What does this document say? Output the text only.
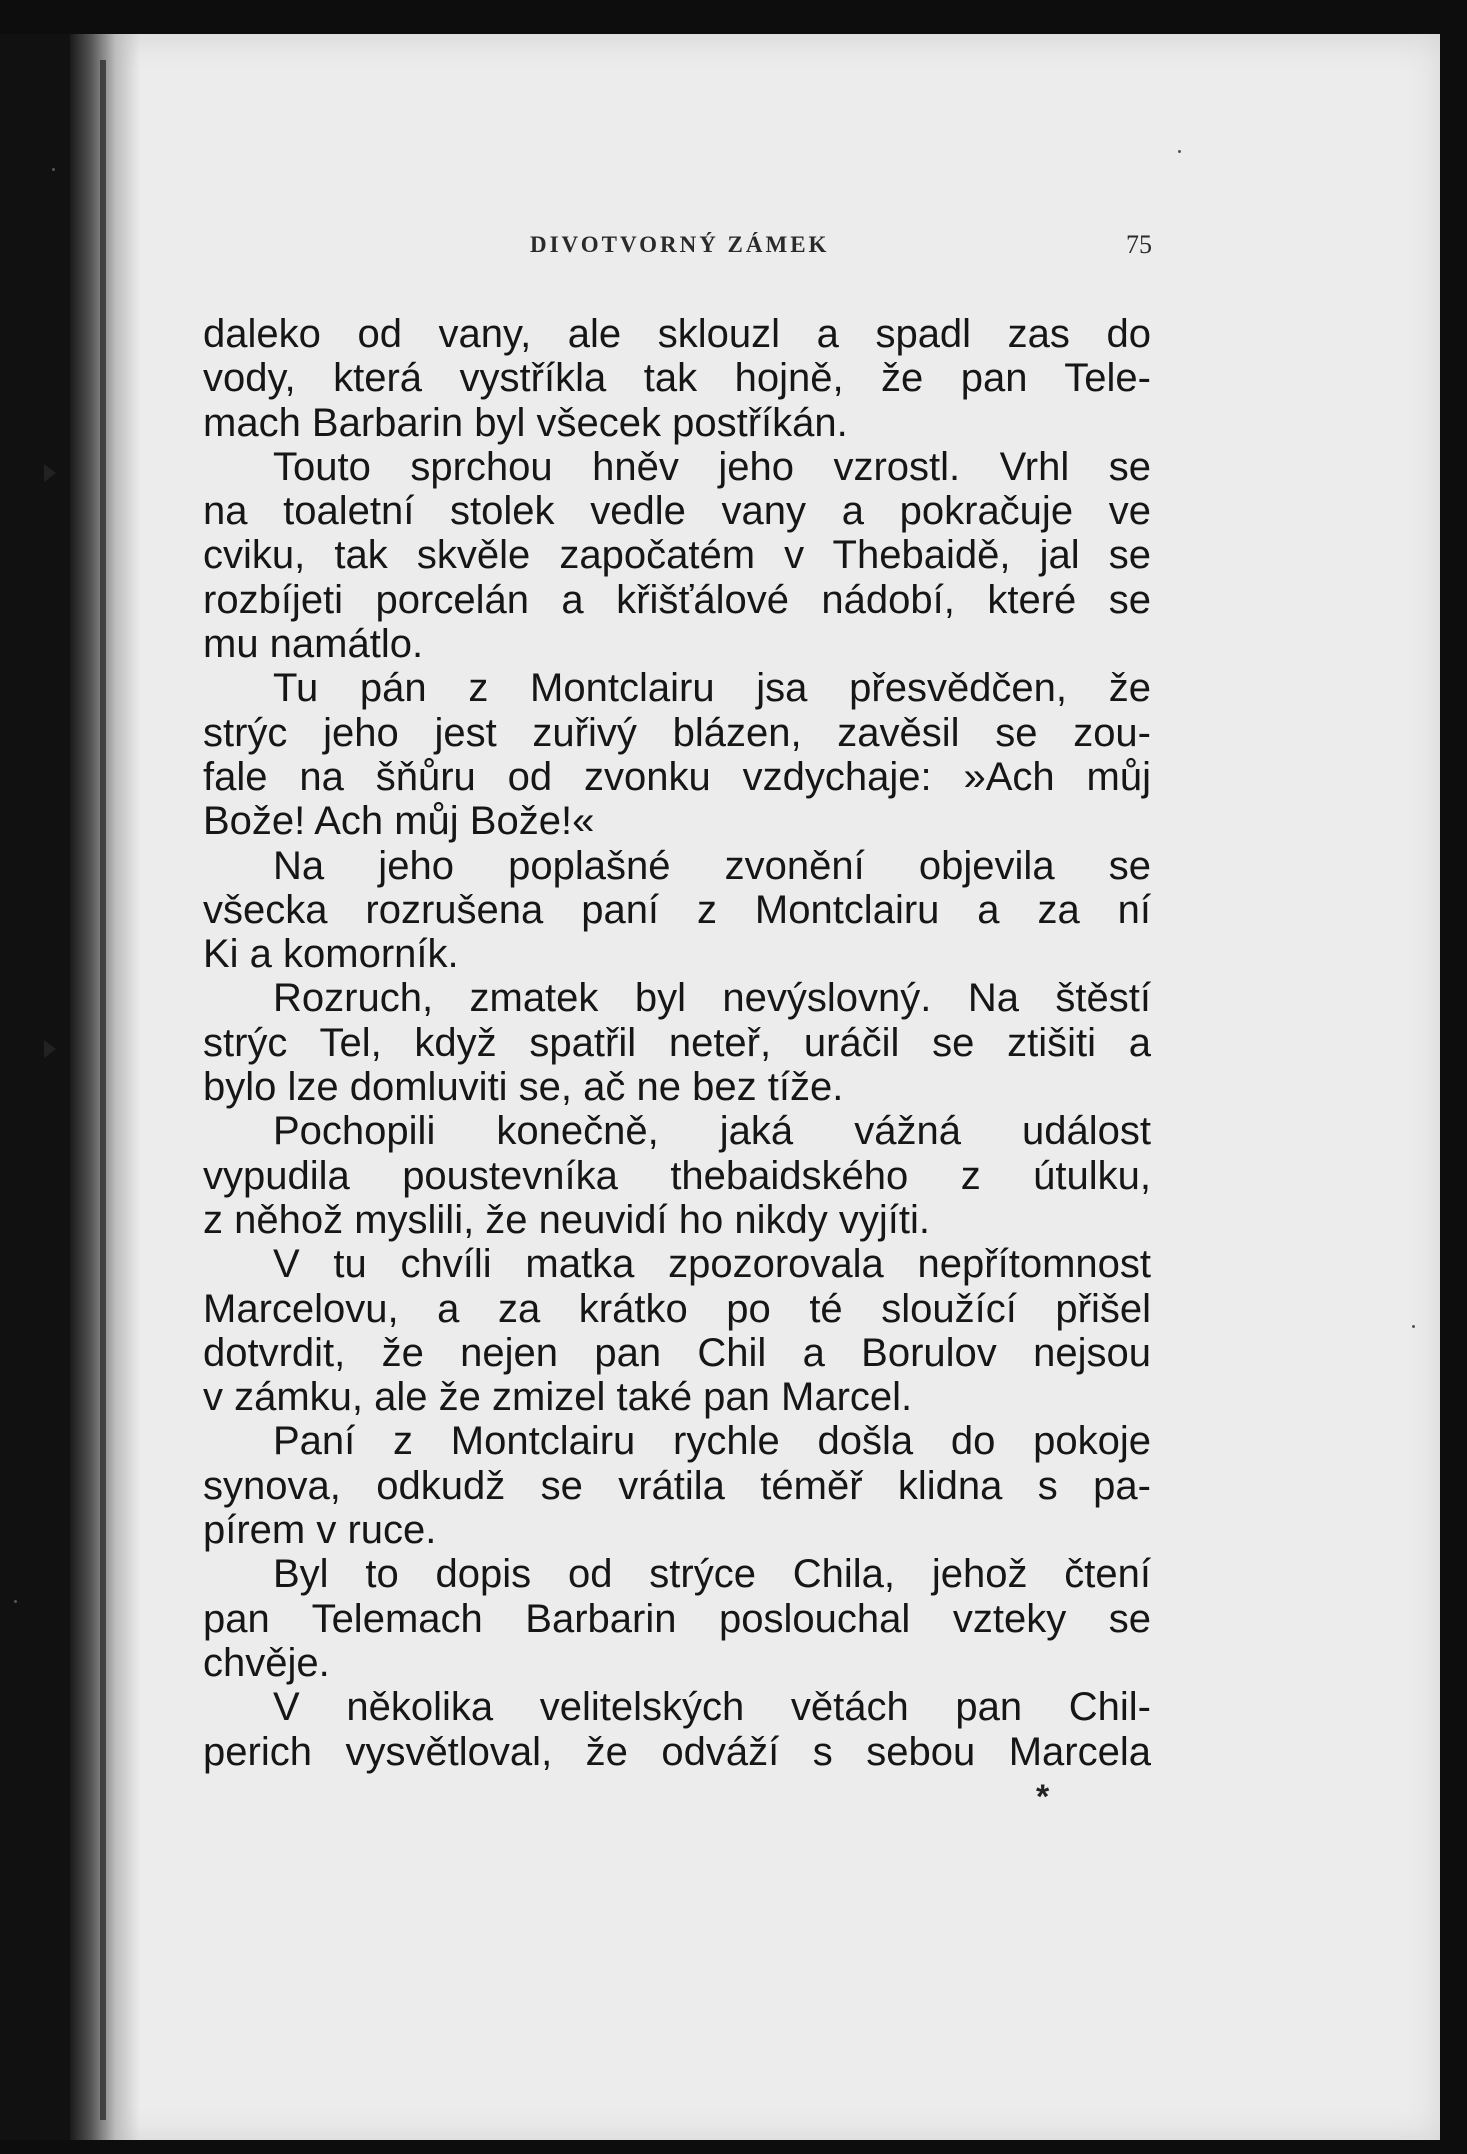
DIVOTVORNÝ ZÁMEK	75
daleko od vany, ale sklouzl a spadl zas do
vody, která vystříkla tak hojně, že pan Tele-
mach Barbarin byl všecek postříkán.
Touto sprchou hněv jeho vzrostl. Vrhl se
na toaletní stolek vedle vany a pokračuje ve
cviku, tak skvěle započatém v Thebaidě, jal se
rozbíjeti porcelán a křišťálové nádobí, které se
mu namátlo.
Tu pán z Montclairu jsa přesvědčen, že
strýc jeho jest zuřivý blázen, zavěsil se zou-
fale na šňůru od zvonku vzdychaje: »Ach můj
Bože! Ach můj Bože!«
Na jeho poplašné zvonění objevila se
všecka rozrušena paní z Montclairu a za ní
Ki a komorník.
Rozruch, zmatek byl nevýslovný. Na štěstí
strýc Tel, když spatřil neteř, uráčil se ztišiti a
bylo lze domluviti se, ač ne bez tíže.
Pochopili konečně, jaká vážná událost
vypudila poustevníka thebaidského z útulku,
z něhož myslili, že neuvidí ho nikdy vyjíti.
V tu chvíli matka zpozorovala nepřítomnost
Marcelovu, a za krátko po té sloužící přišel
dotvrdit, že nejen pan Chil a Borulov nejsou
v zámku, ale že zmizel také pan Marcel.
Paní z Montclairu rychle došla do pokoje
synova, odkudž se vrátila téměř klidna s pa-
pírem v ruce.
Byl to dopis od strýce Chila, jehož čtení
pan Telemach Barbarin poslouchal vzteky se
chvěje.
V několika velitelských větách pan Chil-
perich vysvětloval, že odváží s sebou Marcela
*
